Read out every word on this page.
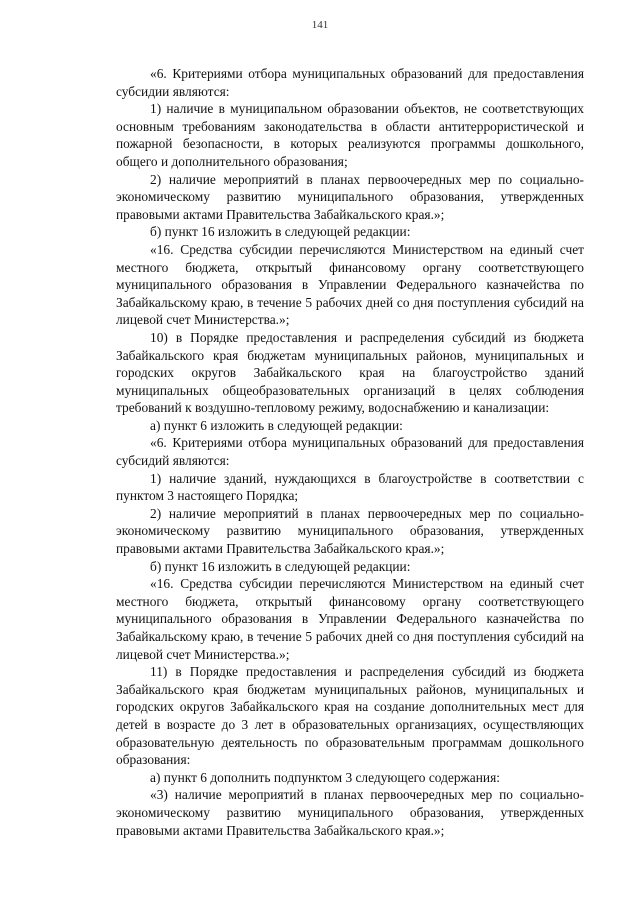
141

«6. Критериями отбора муниципальных образований для предоставления субсидии являются:

1) наличие в муниципальном образовании объектов, не соответствующих основным требованиям законодательства в области антитеррористической и пожарной безопасности, в которых реализуются программы дошкольного, общего и дополнительного образования;

2) наличие мероприятий в планах первоочередных мер по социально-экономическому развитию муниципального образования, утвержденных правовыми актами Правительства Забайкальского края.»;

б) пункт 16 изложить в следующей редакции:

«16. Средства субсидии перечисляются Министерством на единый счет местного бюджета, открытый финансовому органу соответствующего муниципального образования в Управлении Федерального казначейства по Забайкальскому краю, в течение 5 рабочих дней со дня поступления субсидий на лицевой счет Министерства.»;

10) в Порядке предоставления и распределения субсидий из бюджета Забайкальского края бюджетам муниципальных районов, муниципальных и городских округов Забайкальского края на благоустройство зданий муниципальных общеобразовательных организаций в целях соблюдения требований к воздушно-тепловому режиму, водоснабжению и канализации:

а) пункт 6 изложить в следующей редакции:

«6. Критериями отбора муниципальных образований для предоставления субсидий являются:

1) наличие зданий, нуждающихся в благоустройстве в соответствии с пунктом 3 настоящего Порядка;

2) наличие мероприятий в планах первоочередных мер по социально-экономическому развитию муниципального образования, утвержденных правовыми актами Правительства Забайкальского края.»;

б) пункт 16 изложить в следующей редакции:

«16. Средства субсидии перечисляются Министерством на единый счет местного бюджета, открытый финансовому органу соответствующего муниципального образования в Управлении Федерального казначейства по Забайкальскому краю, в течение 5 рабочих дней со дня поступления субсидий на лицевой счет Министерства.»;

11) в Порядке предоставления и распределения субсидий из бюджета Забайкальского края бюджетам муниципальных районов, муниципальных и городских округов Забайкальского края на создание дополнительных мест для детей в возрасте до 3 лет в образовательных организациях, осуществляющих образовательную деятельность по образовательным программам дошкольного образования:

а) пункт 6 дополнить подпунктом 3 следующего содержания:

«3) наличие мероприятий в планах первоочередных мер по социально-экономическому развитию муниципального образования, утвержденных правовыми актами Правительства Забайкальского края.»;
